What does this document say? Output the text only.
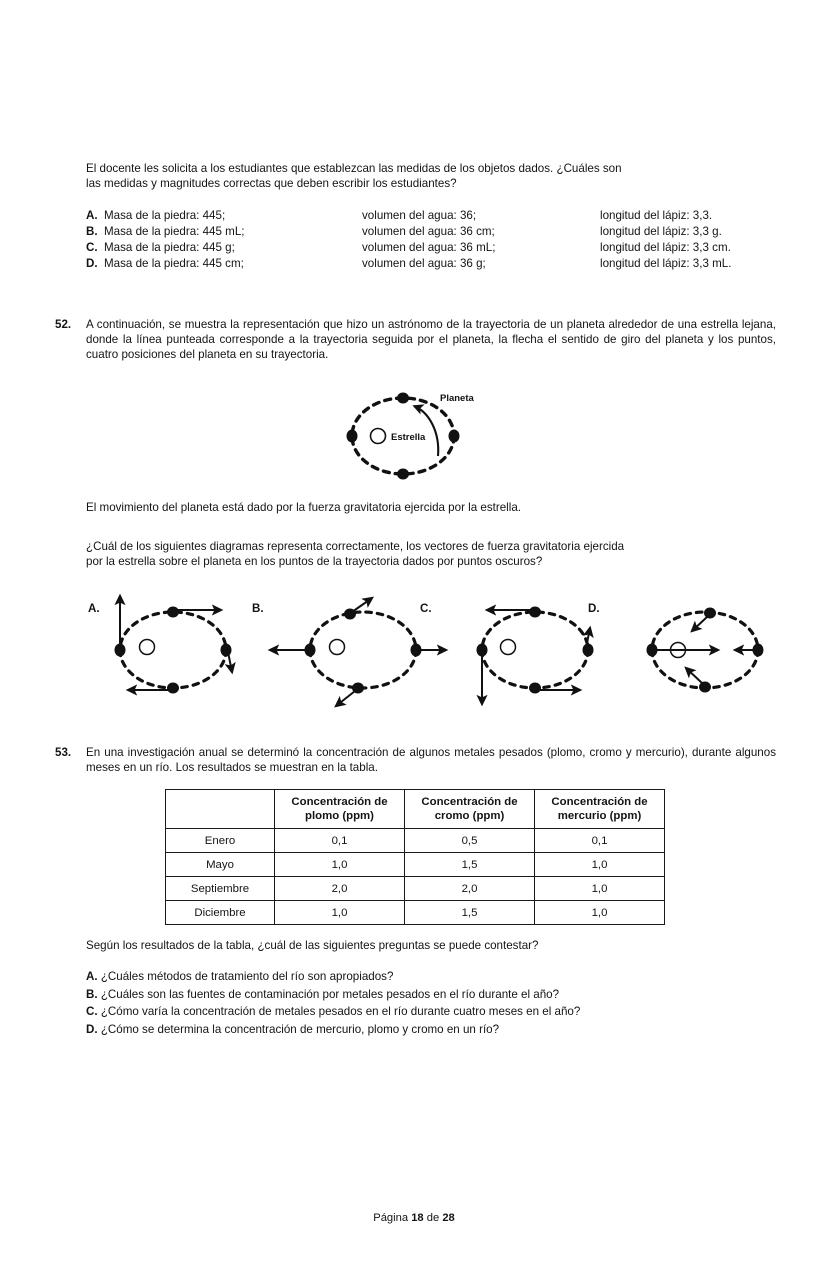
El docente les solicita a los estudiantes que establezcan las medidas de los objetos dados. ¿Cuáles son
las medidas y magnitudes correctas que deben escribir los estudiantes?
A.	Masa de la piedra: 445;	volumen del agua: 36;	longitud del lápiz: 3,3.
B.	Masa de la piedra: 445 mL;	volumen del agua: 36 cm;	longitud del lápiz: 3,3 g.
C.	Masa de la piedra: 445 g;	volumen del agua: 36 mL;	longitud del lápiz: 3,3 cm.
D.	Masa de la piedra: 445 cm;	volumen del agua: 36 g;	longitud del lápiz: 3,3 mL.
52. A continuación, se muestra la representación que hizo un astrónomo de la trayectoria de un planeta alrededor de una estrella lejana, donde la línea punteada corresponde a la trayectoria seguida por el planeta, la flecha el sentido de giro del planeta y los puntos, cuatro posiciones del planeta en su trayectoria.
Estrella
Planeta
El movimiento del planeta está dado por la fuerza gravitatoria ejercida por la estrella.
¿Cuál de los siguientes diagramas representa correctamente, los vectores de fuerza gravitatoria ejercida
por la estrella sobre el planeta en los puntos de la trayectoria dados por puntos oscuros?
A.	B.	C.	D.
53. En una investigación anual se determinó la concentración de algunos metales pesados (plomo, cromo y mercurio), durante algunos meses en un río. Los resultados se muestran en la tabla.
	Concentración de
plomo (ppm)	Concentración de
cromo (ppm)	Concentración de
mercurio (ppm)
Enero	0,1	0,5	0,1
Mayo	1,0	1,5	1,0
Septiembre	2,0	2,0	1,0
Diciembre	1,0	1,5	1,0
Según los resultados de la tabla, ¿cuál de las siguientes preguntas se puede contestar?
A. ¿Cuáles métodos de tratamiento del río son apropiados?
B. ¿Cuáles son las fuentes de contaminación por metales pesados en el río durante el año?
C. ¿Cómo varía la concentración de metales pesados en el río durante cuatro meses en el año?
D. ¿Cómo se determina la concentración de mercurio, plomo y cromo en un río?
Página 18 de 28
